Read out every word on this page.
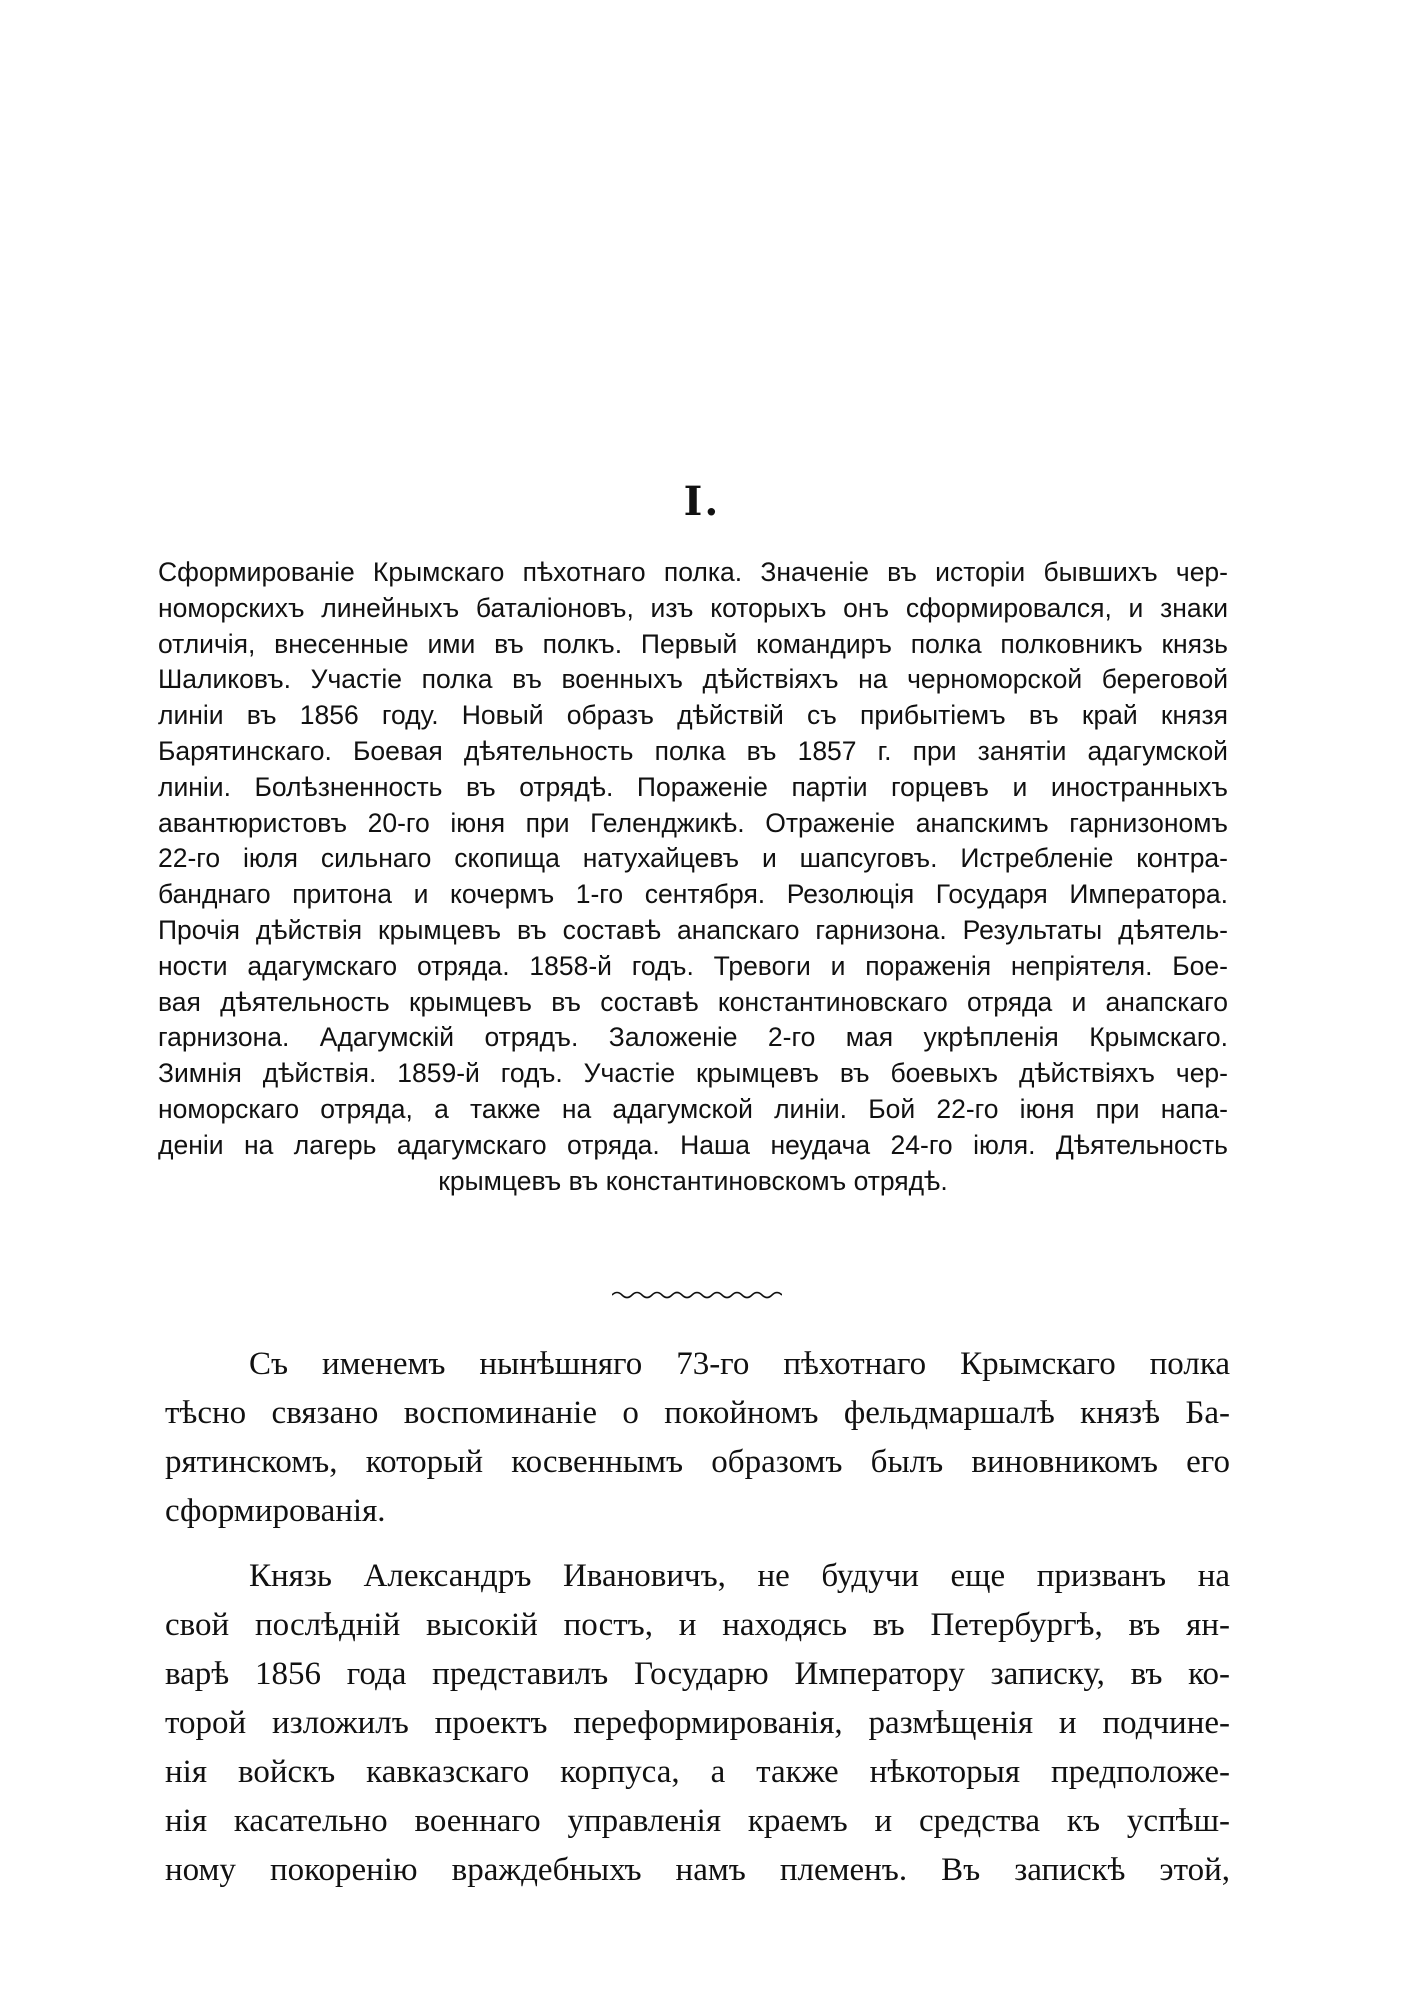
I.
Сформированіе Крымскаго пѣхотнаго полка. Значеніе въ исторіи бывшихъ чер-
номорскихъ линейныхъ баталіоновъ, изъ которыхъ онъ сформировался, и знаки
отличія, внесенные ими въ полкъ. Первый командиръ полка полковникъ князь
Шаликовъ. Участіе полка въ военныхъ дѣйствіяхъ на черноморской береговой
линіи въ 1856 году. Новый образъ дѣйствій съ прибытіемъ въ край князя
Барятинскаго. Боевая дѣятельность полка въ 1857 г. при занятіи адагумской
линіи. Болѣзненность въ отрядѣ. Пораженіе партіи горцевъ и иностранныхъ
авантюристовъ 20-го іюня при Геленджикѣ. Отраженіе анапскимъ гарнизономъ
22-го іюля сильнаго скопища натухайцевъ и шапсуговъ. Истребленіе контра-
банднаго притона и кочермъ 1-го сентября. Резолюція Государя Императора.
Прочія дѣйствія крымцевъ въ составѣ анапскаго гарнизона. Результаты дѣятель-
ности адагумскаго отряда. 1858-й годъ. Тревоги и пораженія непріятеля. Бое-
вая дѣятельность крымцевъ въ составѣ константиновскаго отряда и анапскаго
гарнизона. Адагумскій отрядъ. Заложеніе 2-го мая укрѣпленія Крымскаго.
Зимнія дѣйствія. 1859-й годъ. Участіе крымцевъ въ боевыхъ дѣйствіяхъ чер-
номорскаго отряда, а также на адагумской линіи. Бой 22-го іюня при напа-
деніи на лагерь адагумскаго отряда. Наша неудача 24-го іюля. Дѣятельность
крымцевъ въ константиновскомъ отрядѣ.
Съ именемъ нынѣшняго 73-го пѣхотнаго Крымскаго полка
тѣсно связано воспоминаніе о покойномъ фельдмаршалѣ князѣ Ба-
рятинскомъ, который косвеннымъ образомъ былъ виновникомъ его
сформированія.
Князь Александръ Ивановичъ, не будучи еще призванъ на
свой послѣдній высокій постъ, и находясь въ Петербургѣ, въ ян-
варѣ 1856 года представилъ Государю Императору записку, въ ко-
торой изложилъ проектъ переформированія, размѣщенія и подчине-
нія войскъ кавказскаго корпуса, а также нѣкоторыя предположе-
нія касательно военнаго управленія краемъ и средства къ успѣш-
ному покоренію враждебныхъ намъ племенъ. Въ запискѣ этой,
